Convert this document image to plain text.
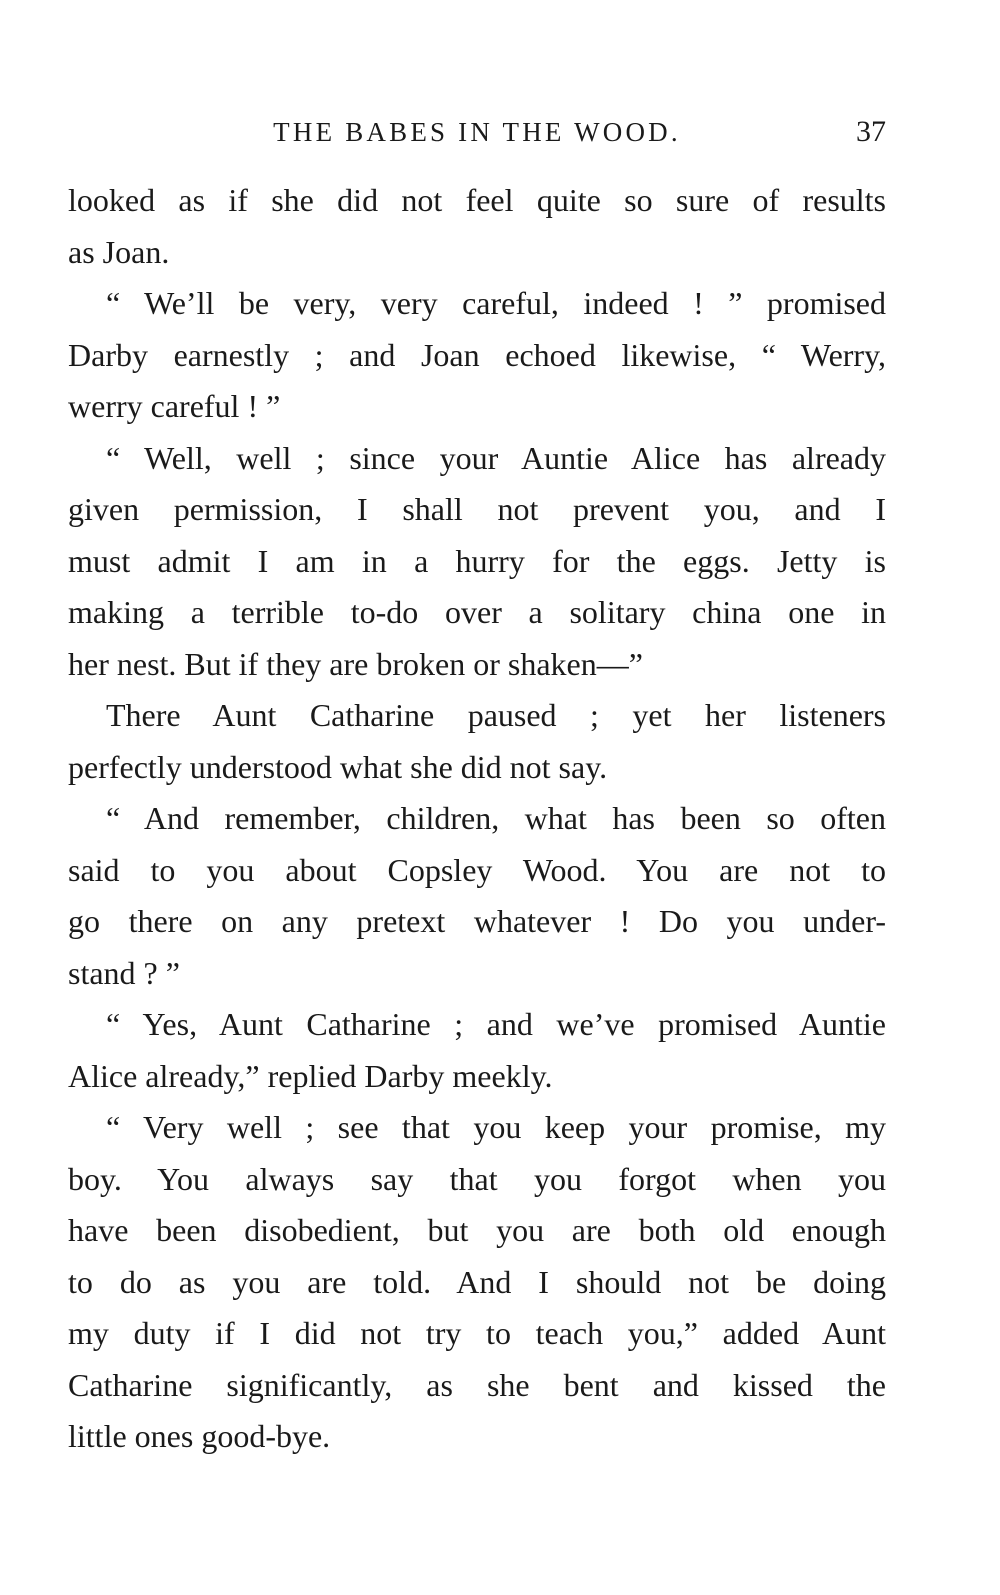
THE BABES IN THE WOOD.	37
looked as if she did not feel quite so sure of results
as Joan.
“ We’ll be very, very careful, indeed ! ” promised
Darby earnestly ; and Joan echoed likewise, “ Werry,
werry careful ! ”
“ Well, well ; since your Auntie Alice has already
given permission, I shall not prevent you, and I
must admit I am in a hurry for the eggs. Jetty is
making a terrible to-do over a solitary china one in
her nest. But if they are broken or shaken—”
There Aunt Catharine paused ; yet her listeners
perfectly understood what she did not say.
“ And remember, children, what has been so often
said to you about Copsley Wood. You are not to
go there on any pretext whatever ! Do you under-
stand ? ”
“ Yes, Aunt Catharine ; and we’ve promised Auntie
Alice already,” replied Darby meekly.
“ Very well ; see that you keep your promise, my
boy. You always say that you forgot when you
have been disobedient, but you are both old enough
to do as you are told. And I should not be doing
my duty if I did not try to teach you,” added Aunt
Catharine significantly, as she bent and kissed the
little ones good-bye.
